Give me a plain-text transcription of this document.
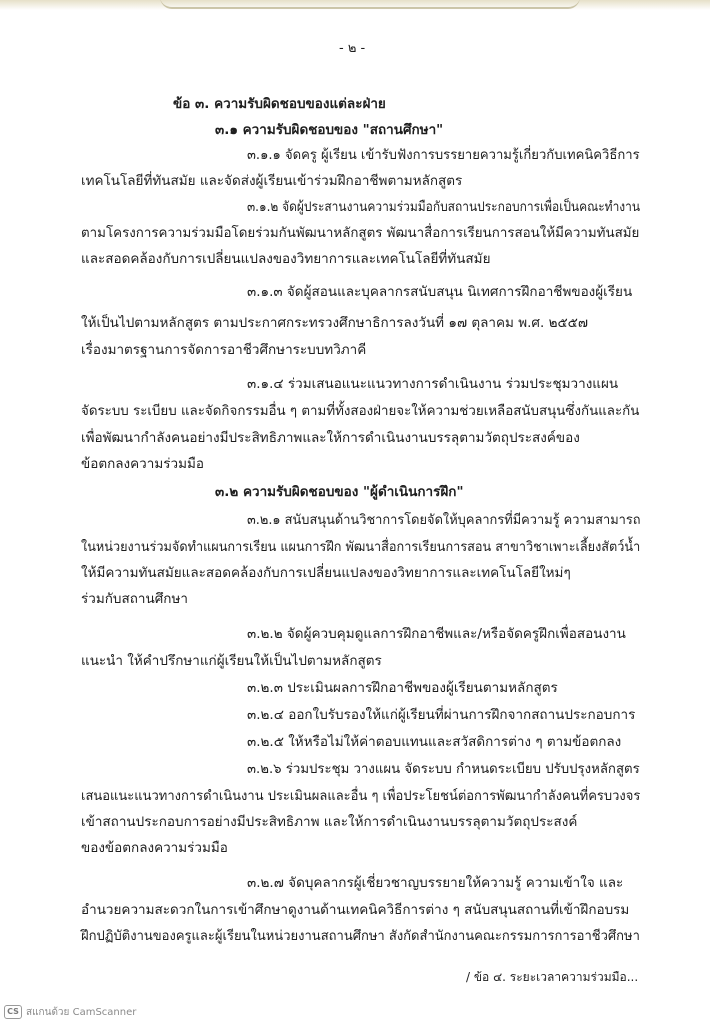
- ๒ -
ข้อ ๓. ความรับผิดชอบของแต่ละฝ่าย
๓.๑ ความรับผิดชอบของ "สถานศึกษา"
๓.๑.๑ จัดครู ผู้เรียน เข้ารับฟังการบรรยายความรู้เกี่ยวกับเทคนิควิธีการ
เทคโนโลยีที่ทันสมัย และจัดส่งผู้เรียนเข้าร่วมฝึกอาชีพตามหลักสูตร
๓.๑.๒ จัดผู้ประสานงานความร่วมมือกับสถานประกอบการเพื่อเป็นคณะทำงาน
ตามโครงการความร่วมมือโดยร่วมกันพัฒนาหลักสูตร พัฒนาสื่อการเรียนการสอนให้มีความทันสมัย
และสอดคล้องกับการเปลี่ยนแปลงของวิทยาการและเทคโนโลยีที่ทันสมัย
๓.๑.๓ จัดผู้สอนและบุคลากรสนับสนุน นิเทศการฝึกอาชีพของผู้เรียน
ให้เป็นไปตามหลักสูตร ตามประกาศกระทรวงศึกษาธิการลงวันที่ ๑๗ ตุลาคม พ.ศ. ๒๕๕๗
เรื่องมาตรฐานการจัดการอาชีวศึกษาระบบทวิภาคี
๓.๑.๔ ร่วมเสนอแนะแนวทางการดำเนินงาน ร่วมประชุมวางแผน
จัดระบบ ระเบียบ และจัดกิจกรรมอื่น ๆ ตามที่ทั้งสองฝ่ายจะให้ความช่วยเหลือสนับสนุนซึ่งกันและกัน
เพื่อพัฒนากำลังคนอย่างมีประสิทธิภาพและให้การดำเนินงานบรรลุตามวัตถุประสงค์ของ
ข้อตกลงความร่วมมือ
๓.๒ ความรับผิดชอบของ "ผู้ดำเนินการฝึก"
๓.๒.๑ สนับสนุนด้านวิชาการโดยจัดให้บุคลากรที่มีความรู้ ความสามารถ
ในหน่วยงานร่วมจัดทำแผนการเรียน แผนการฝึก พัฒนาสื่อการเรียนการสอน สาขาวิชาเพาะเลี้ยงสัตว์น้ำ
ให้มีความทันสมัยและสอดคล้องกับการเปลี่ยนแปลงของวิทยาการและเทคโนโลยีใหม่ๆ
ร่วมกับสถานศึกษา
๓.๒.๒ จัดผู้ควบคุมดูแลการฝึกอาชีพและ/หรือจัดครูฝึกเพื่อสอนงาน
แนะนำ ให้คำปรึกษาแก่ผู้เรียนให้เป็นไปตามหลักสูตร
๓.๒.๓ ประเมินผลการฝึกอาชีพของผู้เรียนตามหลักสูตร
๓.๒.๔ ออกใบรับรองให้แก่ผู้เรียนที่ผ่านการฝึกจากสถานประกอบการ
๓.๒.๕ ให้หรือไม่ให้ค่าตอบแทนและสวัสดิการต่าง ๆ ตามข้อตกลง
๓.๒.๖ ร่วมประชุม วางแผน จัดระบบ กำหนดระเบียบ ปรับปรุงหลักสูตร
เสนอแนะแนวทางการดำเนินงาน ประเมินผลและอื่น ๆ เพื่อประโยชน์ต่อการพัฒนากำลังคนที่ครบวงจร
เข้าสถานประกอบการอย่างมีประสิทธิภาพ และให้การดำเนินงานบรรลุตามวัตถุประสงค์
ของข้อตกลงความร่วมมือ
๓.๒.๗ จัดบุคลากรผู้เชี่ยวชาญบรรยายให้ความรู้ ความเข้าใจ และ
อำนวยความสะดวกในการเข้าศึกษาดูงานด้านเทคนิควิธีการต่าง ๆ สนับสนุนสถานที่เข้าฝึกอบรม
ฝึกปฏิบัติงานของครูและผู้เรียนในหน่วยงานสถานศึกษา สังกัดสำนักงานคณะกรรมการการอาชีวศึกษา
/ ข้อ ๔. ระยะเวลาความร่วมมือ...
CS สแกนด้วย CamScanner
